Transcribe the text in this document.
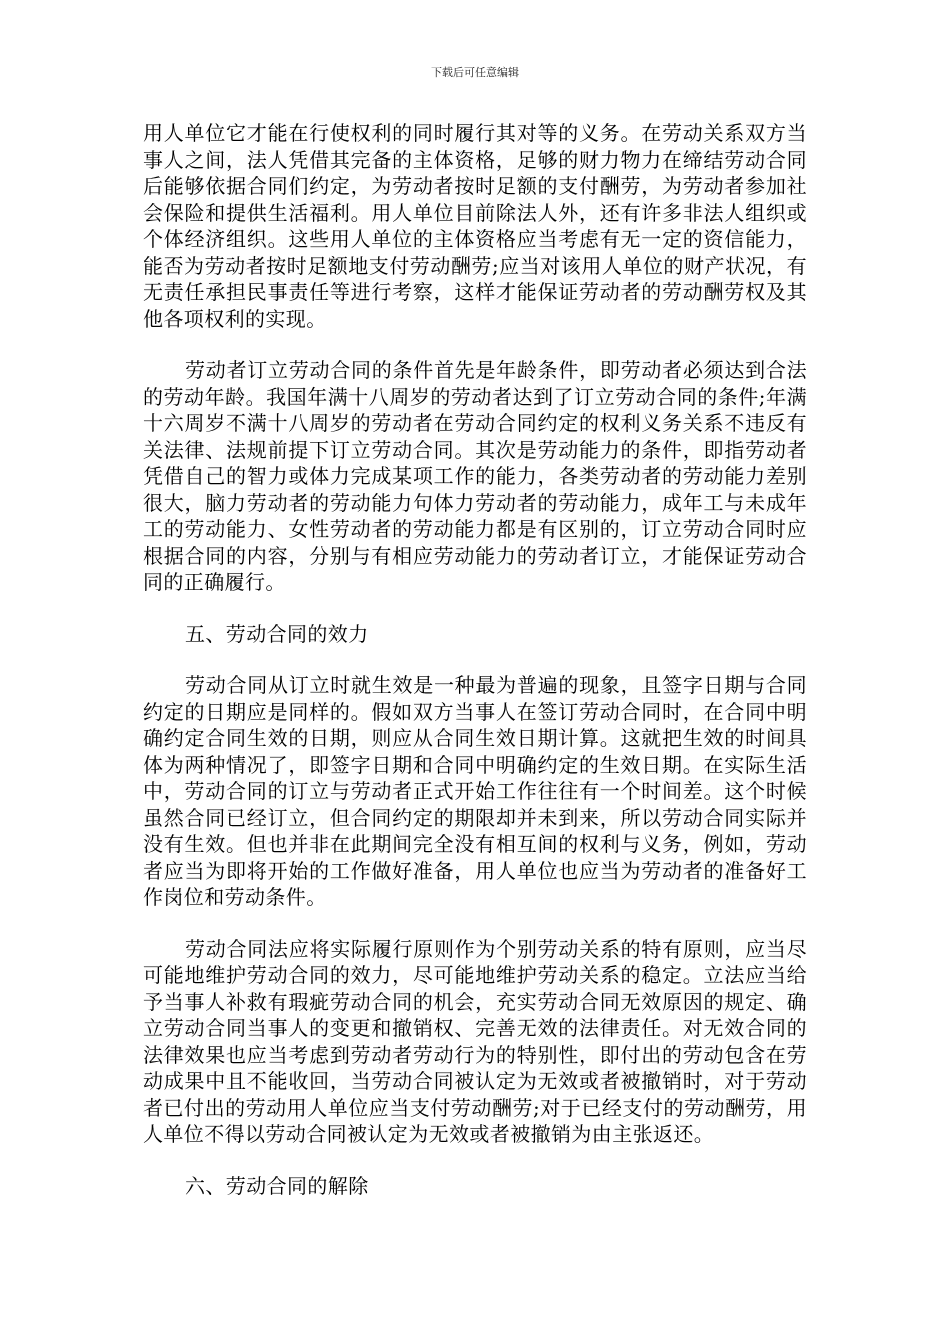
下载后可任意编辑

用人单位它才能在行使权利的同时履行其对等的义务。在劳动关系双方当事人之间，法人凭借其完备的主体资格，足够的财力物力在缔结劳动合同后能够依据合同们约定，为劳动者按时足额的支付酬劳，为劳动者参加社会保险和提供生活福利。用人单位目前除法人外，还有许多非法人组织或个体经济组织。这些用人单位的主体资格应当考虑有无一定的资信能力，能否为劳动者按时足额地支付劳动酬劳;应当对该用人单位的财产状况，有无责任承担民事责任等进行考察，这样才能保证劳动者的劳动酬劳权及其他各项权利的实现。

劳动者订立劳动合同的条件首先是年龄条件，即劳动者必须达到合法的劳动年龄。我国年满十八周岁的劳动者达到了订立劳动合同的条件;年满十六周岁不满十八周岁的劳动者在劳动合同约定的权利义务关系不违反有关法律、法规前提下订立劳动合同。其次是劳动能力的条件，即指劳动者凭借自己的智力或体力完成某项工作的能力，各类劳动者的劳动能力差别很大，脑力劳动者的劳动能力句体力劳动者的劳动能力，成年工与未成年工的劳动能力、女性劳动者的劳动能力都是有区别的，订立劳动合同时应根据合同的内容，分别与有相应劳动能力的劳动者订立，才能保证劳动合同的正确履行。

五、劳动合同的效力

劳动合同从订立时就生效是一种最为普遍的现象，且签字日期与合同约定的日期应是同样的。假如双方当事人在签订劳动合同时，在合同中明确约定合同生效的日期，则应从合同生效日期计算。这就把生效的时间具体为两种情况了，即签字日期和合同中明确约定的生效日期。在实际生活中，劳动合同的订立与劳动者正式开始工作往往有一个时间差。这个时候虽然合同已经订立，但合同约定的期限却并未到来，所以劳动合同实际并没有生效。但也并非在此期间完全没有相互间的权利与义务，例如，劳动者应当为即将开始的工作做好准备，用人单位也应当为劳动者的准备好工作岗位和劳动条件。

劳动合同法应将实际履行原则作为个别劳动关系的特有原则，应当尽可能地维护劳动合同的效力，尽可能地维护劳动关系的稳定。立法应当给予当事人补救有瑕疵劳动合同的机会，充实劳动合同无效原因的规定、确立劳动合同当事人的变更和撤销权、完善无效的法律责任。对无效合同的法律效果也应当考虑到劳动者劳动行为的特别性，即付出的劳动包含在劳动成果中且不能收回，当劳动合同被认定为无效或者被撤销时，对于劳动者已付出的劳动用人单位应当支付劳动酬劳;对于已经支付的劳动酬劳，用人单位不得以劳动合同被认定为无效或者被撤销为由主张返还。

六、劳动合同的解除
